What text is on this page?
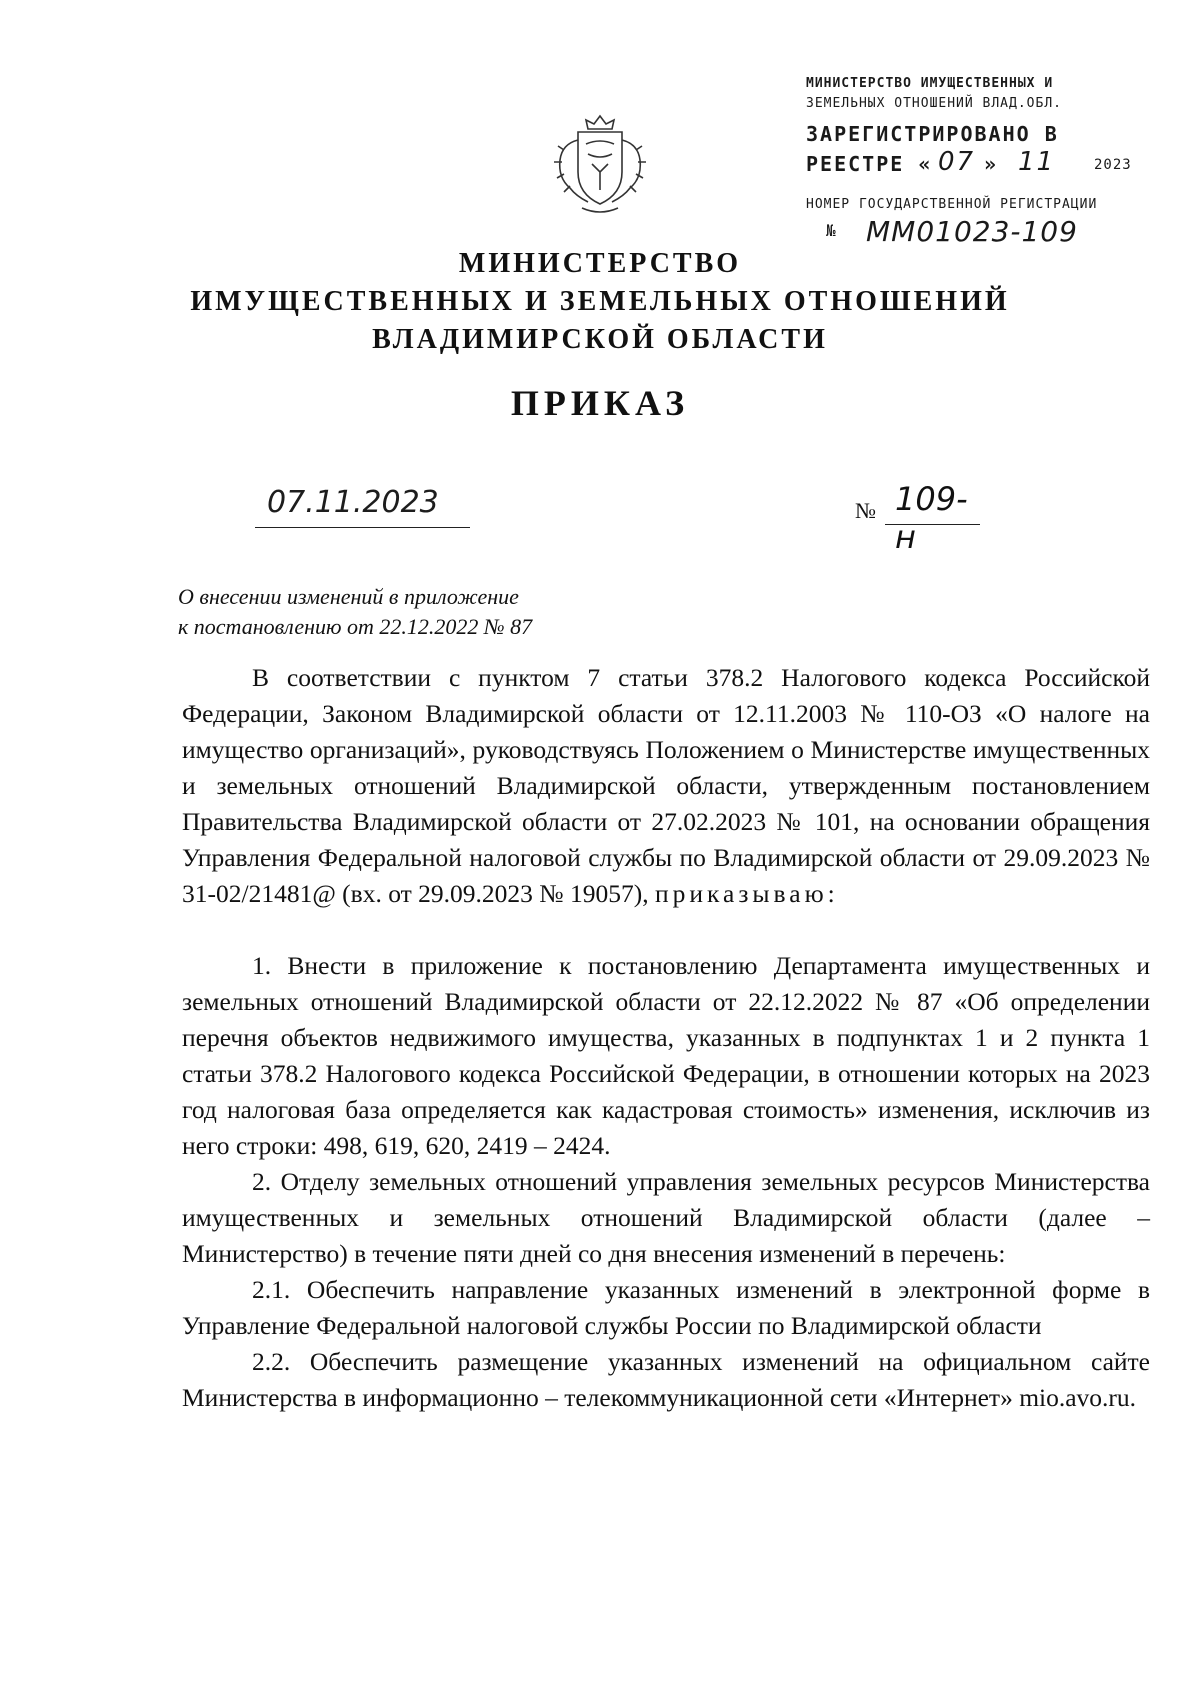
МИНИСТЕРСТВО ИМУЩЕСТВЕННЫХ И
ЗЕМЕЛЬНЫХ ОТНОШЕНИЙ ВЛАД.ОБЛ.
ЗАРЕГИСТРИРОВАНО В
РЕЕСТРЕ « 07 » 11	2023
НОМЕР ГОСУДАРСТВЕННОЙ РЕГИСТРАЦИИ
№ ММ01023-109
МИНИСТЕРСТВО
ИМУЩЕСТВЕННЫХ И ЗЕМЕЛЬНЫХ ОТНОШЕНИЙ
ВЛАДИМИРСКОЙ ОБЛАСТИ
ПРИКАЗ
07.11.2023	№ 109-н
О внесении изменений в приложение
к постановлению от 22.12.2022 № 87

В соответствии с пунктом 7 статьи 378.2 Налогового кодекса Российской Федерации, Законом Владимирской области от 12.11.2003 № 110-ОЗ «О налоге на имущество организаций», руководствуясь Положением о Министерстве имущественных и земельных отношений Владимирской области, утвержденным постановлением Правительства Владимирской области от 27.02.2023 № 101, на основании обращения Управления Федеральной налоговой службы по Владимирской области от 29.09.2023 № 31-02/21481@ (вх. от 29.09.2023 № 19057), приказываю:

1. Внести в приложение к постановлению Департамента имущественных и земельных отношений Владимирской области от 22.12.2022 № 87 «Об определении перечня объектов недвижимого имущества, указанных в подпунктах 1 и 2 пункта 1 статьи 378.2 Налогового кодекса Российской Федерации, в отношении которых на 2023 год налоговая база определяется как кадастровая стоимость» изменения, исключив из него строки: 498, 619, 620, 2419 – 2424.

2. Отделу земельных отношений управления земельных ресурсов Министерства имущественных и земельных отношений Владимирской области (далее – Министерство) в течение пяти дней со дня внесения изменений в перечень:

2.1. Обеспечить направление указанных изменений в электронной форме в Управление Федеральной налоговой службы России по Владимирской области

2.2. Обеспечить размещение указанных изменений на официальном сайте Министерства в информационно – телекоммуникационной сети «Интернет» mio.avo.ru.
